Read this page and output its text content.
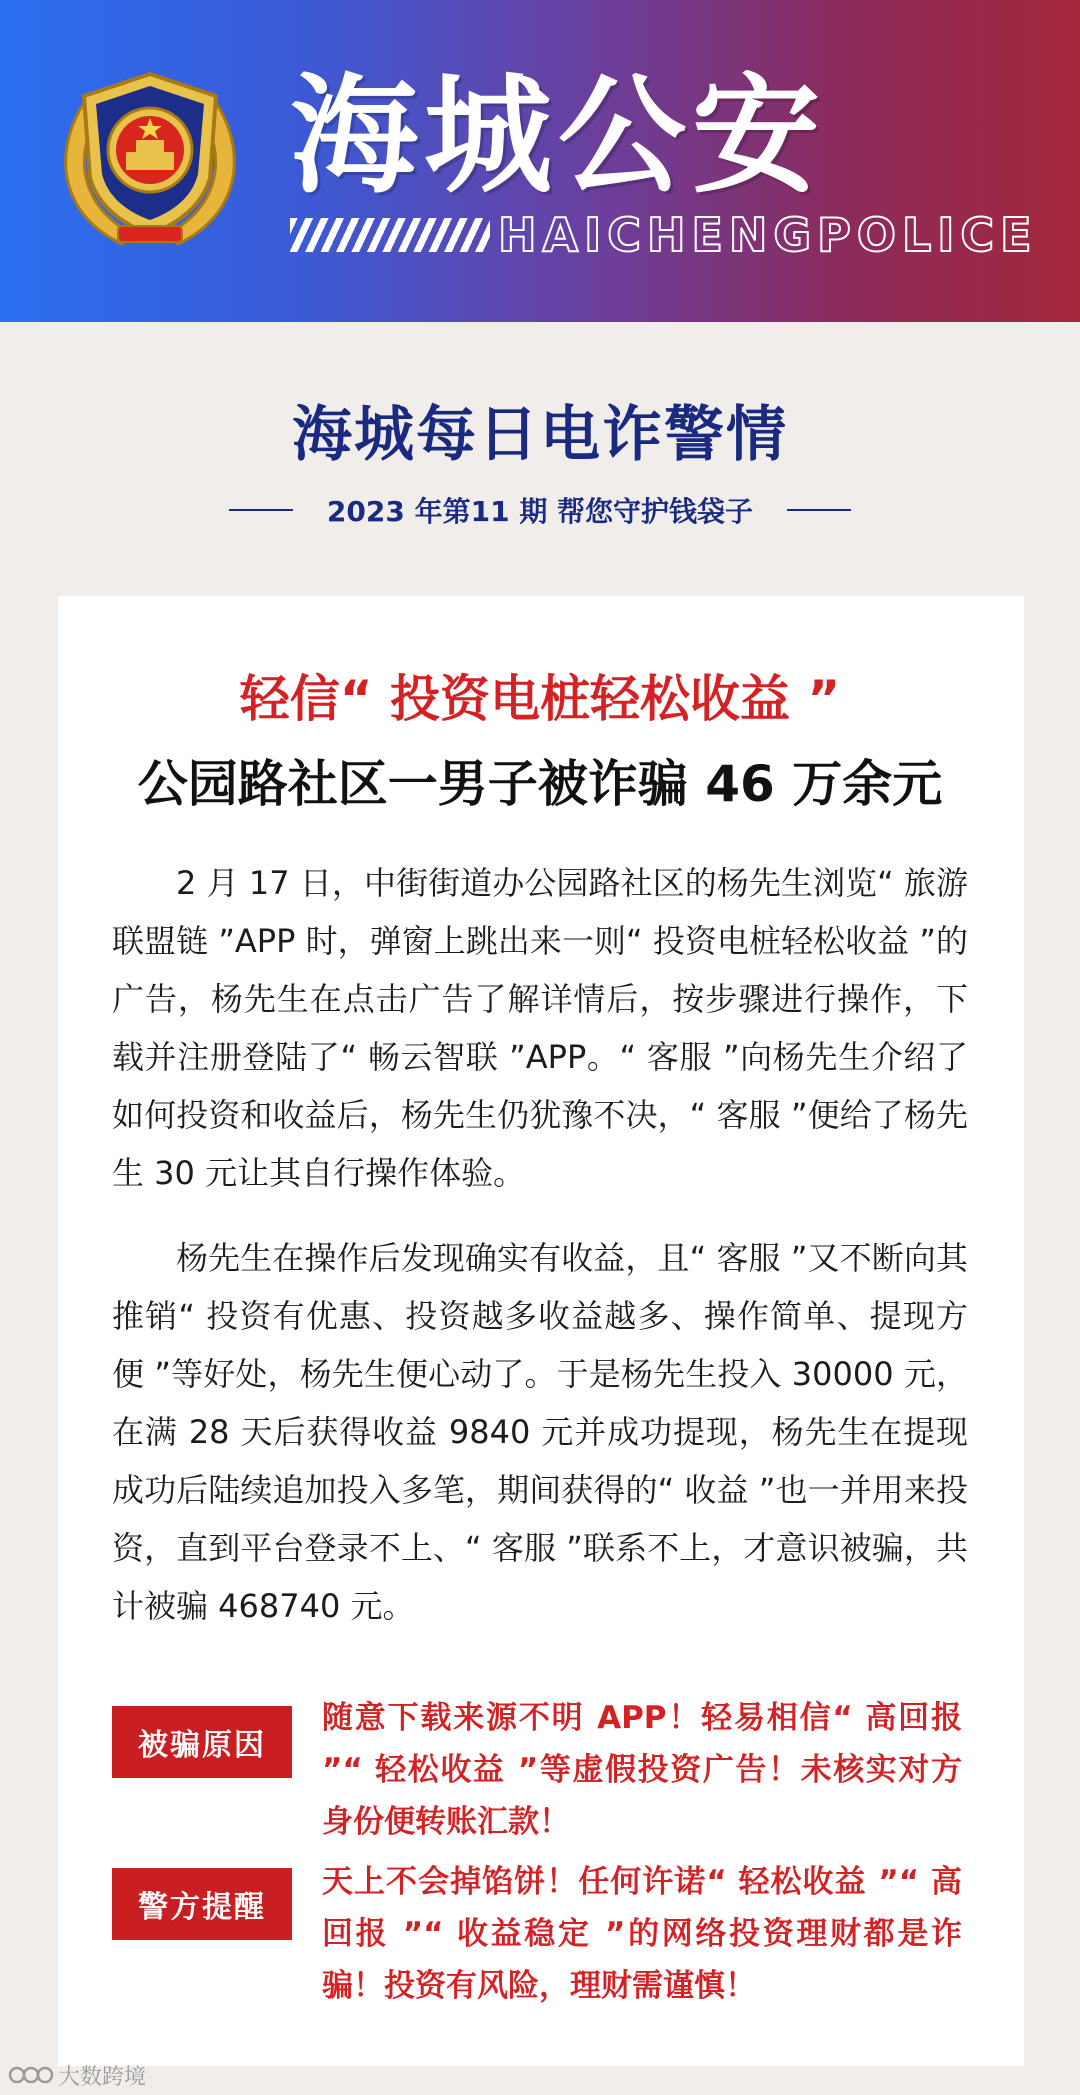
海城公安
HAICHENGPOLICE
海城每日电诈警情
2023 年第11 期 帮您守护钱袋子
轻信“ 投资电桩轻松收益 ”
公园路社区一男子被诈骗 46 万余元

2 月 17 日，中街街道办公园路社区的杨先生浏览“ 旅游联盟链 ”APP 时，弹窗上跳出来一则“ 投资电桩轻松收益 ”的广告，杨先生在点击广告了解详情后，按步骤进行操作，下载并注册登陆了“ 畅云智联 ”APP。“ 客服 ”向杨先生介绍了如何投资和收益后，杨先生仍犹豫不决，“ 客服 ”便给了杨先生 30 元让其自行操作体验。

杨先生在操作后发现确实有收益，且“ 客服 ”又不断向其推销“ 投资有优惠、投资越多收益越多、操作简单、提现方便 ”等好处，杨先生便心动了。于是杨先生投入 30000 元，在满 28 天后获得收益 9840 元并成功提现，杨先生在提现成功后陆续追加投入多笔，期间获得的“ 收益 ”也一并用来投资，直到平台登录不上、“ 客服 ”联系不上，才意识被骗，共计被骗 468740 元。

被骗原因
随意下载来源不明 APP！轻易相信“ 高回报 ”“ 轻松收益 ”等虚假投资广告！未核实对方身份便转账汇款！
警方提醒
天上不会掉馅饼！任何许诺“ 轻松收益 ”“ 高回报 ”“ 收益稳定 ”的网络投资理财都是诈骗！投资有风险，理财需谨慎！
大数跨境
